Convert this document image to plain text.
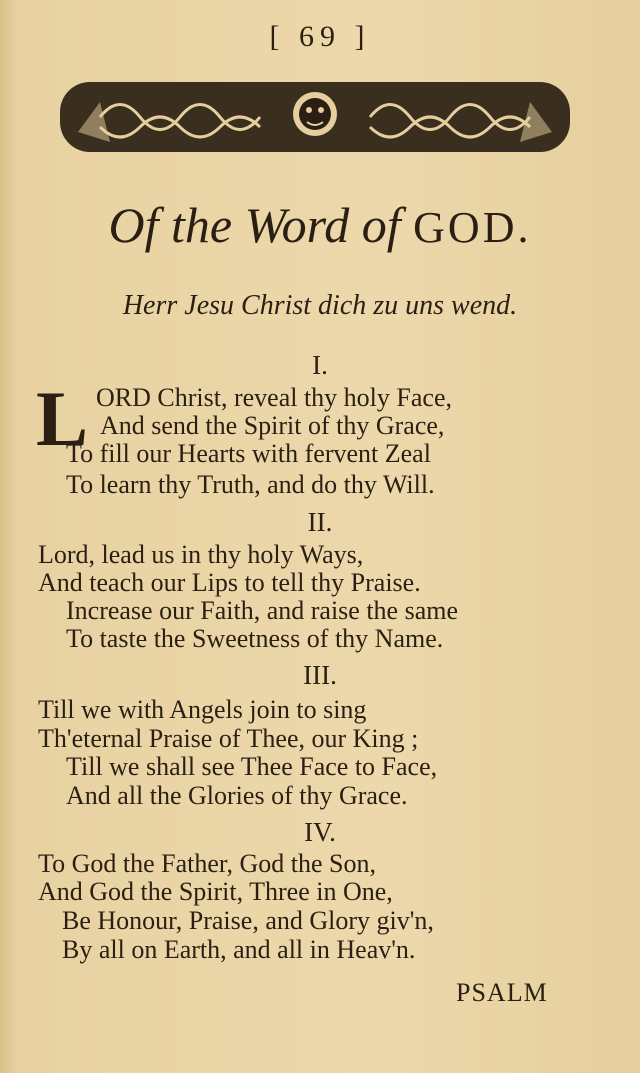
[ 69 ]
Of the Word of GOD.
Herr Jesu Christ dich zu uns wend.
I.
L ORD Christ, reveal thy holy Face,
And send the Spirit of thy Grace,
To fill our Hearts with fervent Zeal
To learn thy Truth, and do thy Will.
II.
Lord, lead us in thy holy Ways,
And teach our Lips to tell thy Praise.
Increase our Faith, and raise the same
To taste the Sweetness of thy Name.
III.
Till we with Angels join to sing
Th'eternal Praise of Thee, our King ;
Till we shall see Thee Face to Face,
And all the Glories of thy Grace.
IV.
To God the Father, God the Son,
And God the Spirit, Three in One,
Be Honour, Praise, and Glory giv'n,
By all on Earth, and all in Heav'n.
PSALM
